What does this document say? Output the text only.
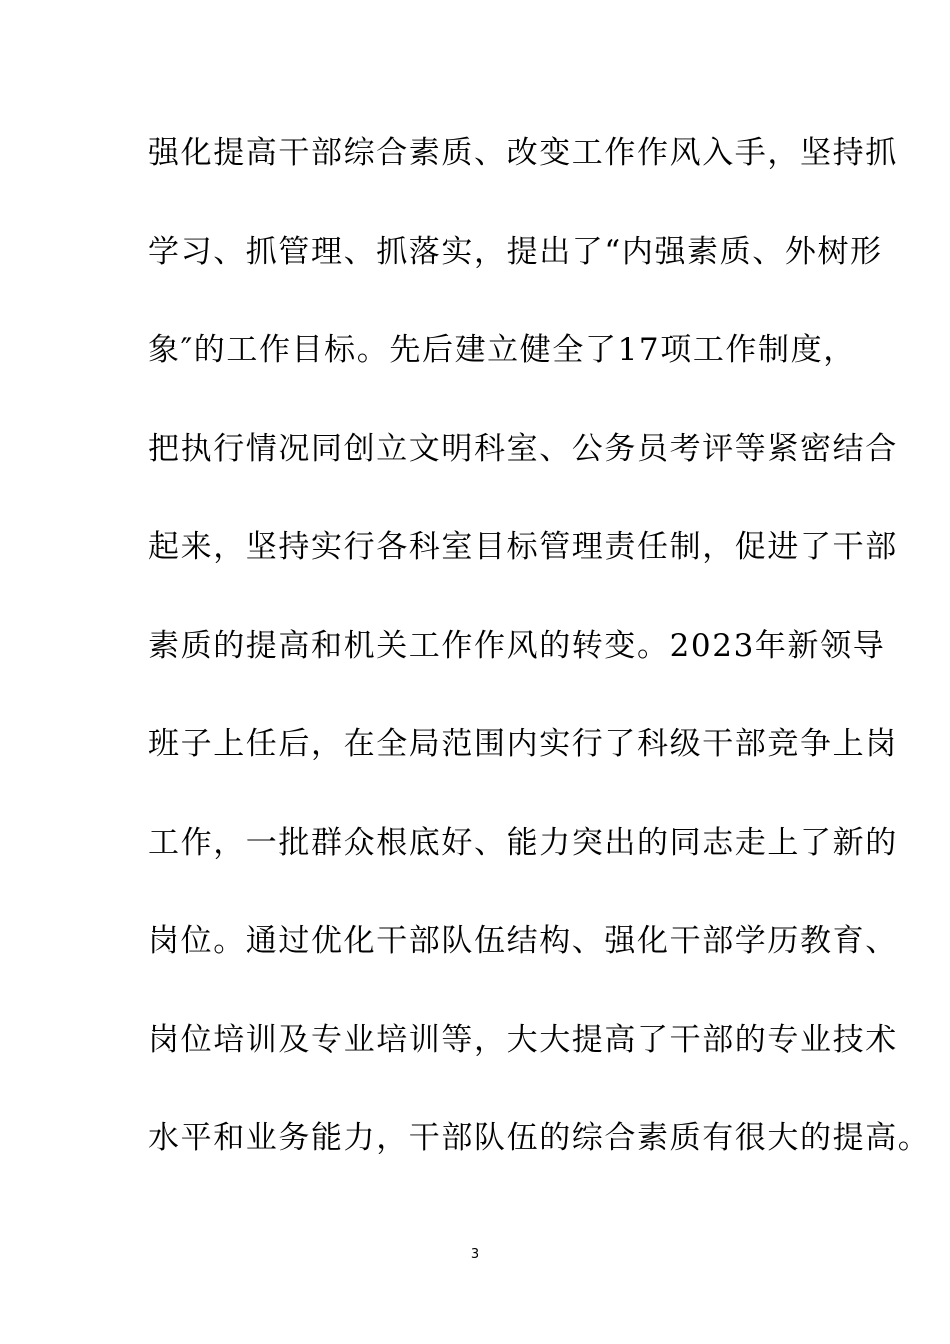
强化提高干部综合素质、改变工作作风入手，坚持抓
学习、抓管理、抓落实，提出了“内强素质、外树形
象″的工作目标。先后建立健全了17项工作制度，
把执行情况同创立文明科室、公务员考评等紧密结合
起来，坚持实行各科室目标管理责任制，促进了干部
素质的提高和机关工作作风的转变。2023年新领导
班子上任后，在全局范围内实行了科级干部竞争上岗
工作，一批群众根底好、能力突出的同志走上了新的
岗位。通过优化干部队伍结构、强化干部学历教育、
岗位培训及专业培训等，大大提高了干部的专业技术
水平和业务能力，干部队伍的综合素质有很大的提高。
3
